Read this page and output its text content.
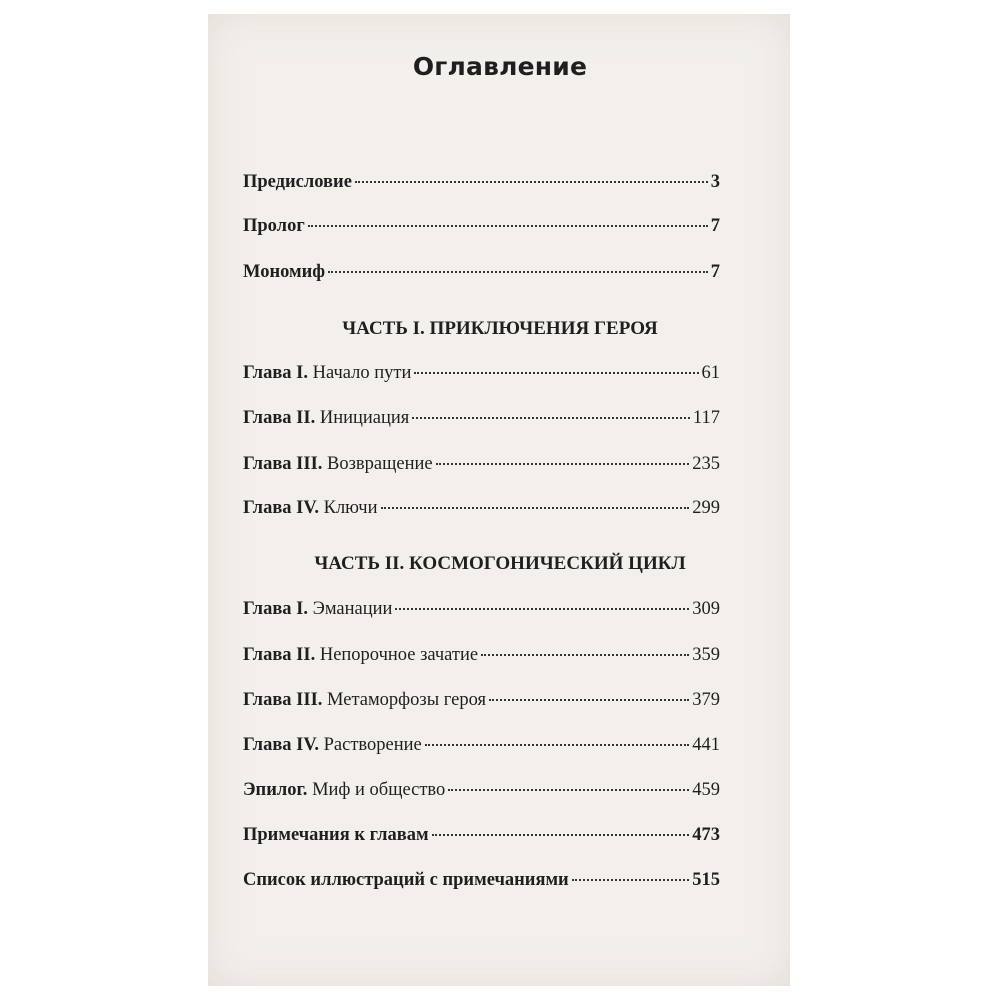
Оглавление
Предисловие	3
Пролог	7
Мономиф	7
ЧАСТЬ I. ПРИКЛЮЧЕНИЯ ГЕРОЯ
Глава I. Начало пути	61
Глава II. Инициация	117
Глава III. Возвращение	235
Глава IV. Ключи	299
ЧАСТЬ II. КОСМОГОНИЧЕСКИЙ ЦИКЛ
Глава I. Эманации	309
Глава II. Непорочное зачатие	359
Глава III. Метаморфозы героя	379
Глава IV. Растворение	441
Эпилог. Миф и общество	459
Примечания к главам	473
Список иллюстраций с примечаниями	515
